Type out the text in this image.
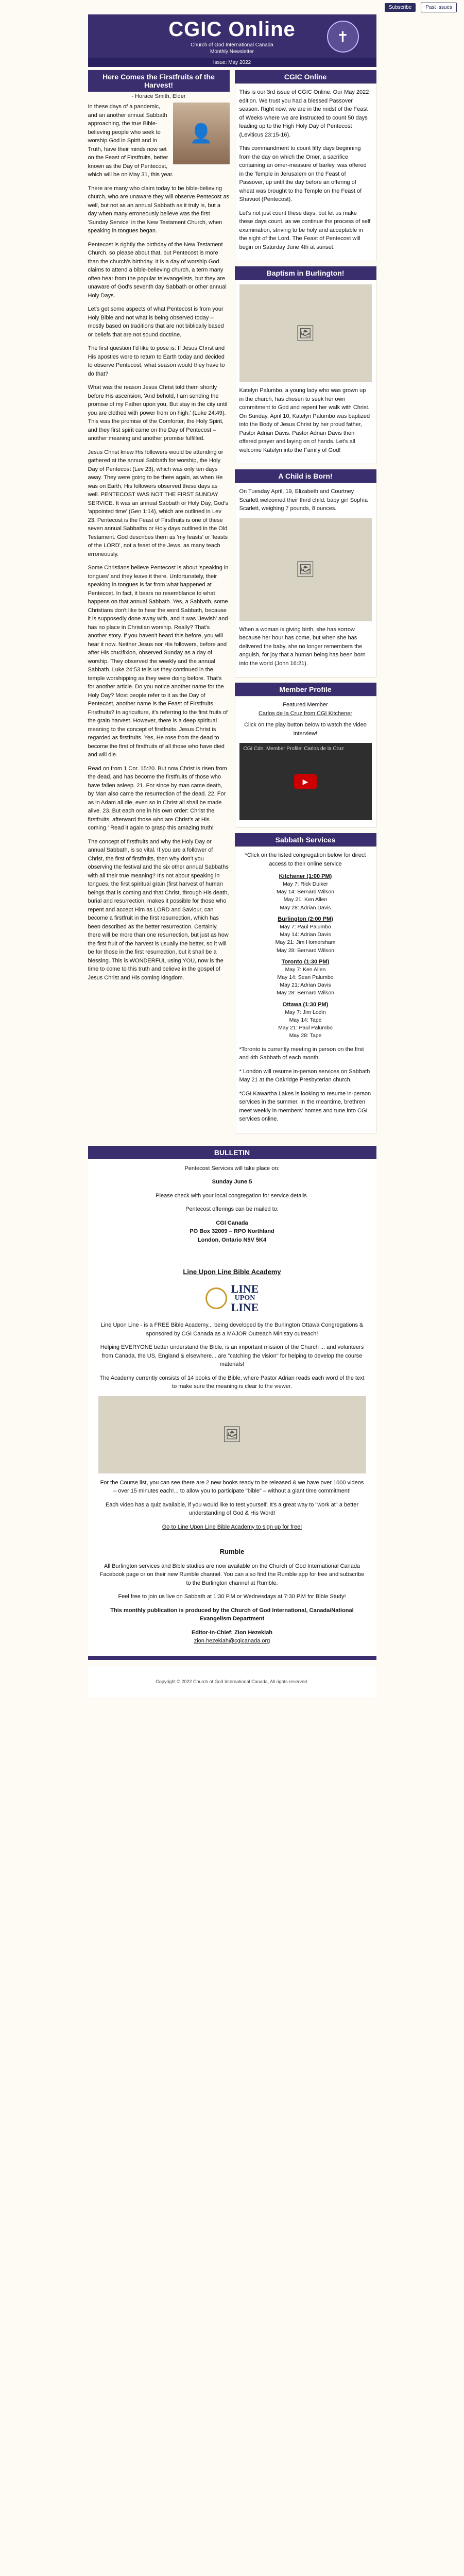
Subscribe	Past Issues
✝
CGIC Online
Church of God International Canada
Monthly Newsletter
Issue: May 2022
Here Comes the Firstfruits of the Harvest!
- Horace Smith, Elder
👤

In these days of a pandemic, and an another annual Sabbath approaching, the true Bible-believing people who seek to worship God in Spirit and in Truth, have their minds now set on the Feast of Firstfruits, better known as the Day of Pentecost, which will be on May 31, this year.

There are many who claim today to be bible-believing church, who are unaware they will observe Pentecost as well, but not as an annual Sabbath as it truly is, but a day when many erroneously believe was the first 'Sunday Service' in the New Testament Church, when speaking in tongues began.

Pentecost is rightly the birthday of the New Testament Church, so please about that, but Pentecost is more than the church's birthday. It is a day of worship God claims to attend a bible-believing church, a term many often hear from the popular televangelists, but they are unaware of God's seventh day Sabbath or other annual Holy Days.

Let's get some aspects of what Pentecost is from your Holy Bible and not what is being observed today – mostly based on traditions that are not biblically based or beliefs that are not sound doctrine.

The first question I'd like to pose is: If Jesus Christ and His apostles were to return to Earth today and decided to observe Pentecost, what season would they have to do that?

What was the reason Jesus Christ told them shortly before His ascension, 'And behold, I am sending the promise of my Father upon you. But stay in the city until you are clothed with power from on high.' (Luke 24:49). This was the promise of the Comforter, the Holy Spirit, and they first spirit came on the Day of Pentecost – another meaning and another promise fulfilled.

Jesus Christ knew His followers would be attending or gathered at the annual Sabbath for worship, the Holy Day of Pentecost (Lev 23), which was only ten days away. They were going to be there again, as when He was on Earth, His followers observed these days as well. PENTECOST WAS NOT THE FIRST SUNDAY SERVICE. It was an annual Sabbath or Holy Day, God's 'appointed time' (Gen 1:14), which are outlined in Lev 23. Pentecost is the Feast of Firstfruits is one of these seven annual Sabbaths or Holy days outlined in the Old Testament. God describes them as 'my feasts' or 'feasts of the LORD', not a feast of the Jews, as many teach erroneously.

Some Christians believe Pentecost is about 'speaking in tongues' and they leave it there. Unfortunately, their speaking in tongues is far from what happened at Pentecost. In fact, it bears no resemblance to what happens on that annual Sabbath. Yes, a Sabbath, some Christians don't like to hear the word Sabbath, because it is supposedly done away with, and it was 'Jewish' and has no place in Christian worship. Really? That's another story. If you haven't heard this before, you will hear it now. Neither Jesus nor His followers, before and after His crucifixion, observed Sunday as a day of worship. They observed the weekly and the annual Sabbath. Luke 24:53 tells us they continued in the temple worshipping as they were doing before. That's for another article. Do you notice another name for the Holy Day? Most people refer to it as the Day of Pentecost, another name is the Feast of Firstfruits. Firstfruits? In agriculture, it's referring to the first fruits of the grain harvest. However, there is a deep spiritual meaning to the concept of firstfruits. Jesus Christ is regarded as firstfruits. Yes, He rose from the dead to become the first of firstfruits of all those who have died and will die.

Read on from 1 Cor. 15:20. But now Christ is risen from the dead, and has become the firstfruits of those who have fallen asleep. 21. For since by man came death, by Man also came the resurrection of the dead. 22. For as in Adam all die, even so in Christ all shall be made alive. 23. But each one in his own order: Christ the firstfruits, afterward those who are Christ's at His coming.' Read it again to grasp this amazing truth!

The concept of firstfruits and why the Holy Day or annual Sabbath, is so vital. If you are a follower of Christ, the first of firstfruits, then why don't you observing the festival and the six other annual Sabbaths with all their true meaning? It's not about speaking in tongues, the first spiritual grain (first harvest of human beings that is coming and that Christ, through His death, burial and resurrection, makes it possible for those who repent and accept Him as LORD and Saviour, can become a firstfruit in the first resurrection, which has been described as the better resurrection. Certainly, there will be more than one resurrection, but just as how the first fruit of the harvest is usually the better, so it will be for those in the first resurrection, but it shall be a blessing. This is WONDERFUL using YOU, now is the time to come to this truth and believe in the gospel of Jesus Christ and His coming kingdom.

CGIC Online

This is our 3rd issue of CGIC Online. Our May 2022 edition. We trust you had a blessed Passover season. Right now, we are in the midst of the Feast of Weeks where we are instructed to count 50 days leading up to the High Holy Day of Pentecost (Leviticus 23:15-16).

This commandment to count fifty days beginning from the day on which the Omer, a sacrifice containing an omer-measure of barley, was offered in the Temple in Jerusalem on the Feast of Passover, up until the day before an offering of wheat was brought to the Temple on the Feast of Shavuot (Pentecost).

Let's not just count these days, but let us make these days count, as we continue the process of self examination, striving to be holy and acceptable in the sight of the Lord. The Feast of Pentecost will begin on Saturday June 4th at sunset.

Baptism in Burlington!
🖼

Katelyn Palumbo, a young lady who was grown up in the church, has chosen to seek her own commitment to God and repent her walk with Christ. On Sunday, April 10, Katelyn Palumbo was baptized into the Body of Jesus Christ by her proud father, Pastor Adrian Davis. Pastor Adrian Davis then offered prayer and laying on of hands. Let's all welcome Katelyn into the Family of God!

A Child is Born!

On Tuesday April, 19, Elizabeth and Courtney Scarlett welcomed their third child: baby girl Sophia Scarlett, weighing 7 pounds, 8 ounces.

🖼

When a woman is giving birth, she has sorrow because her hour has come, but when she has delivered the baby, she no longer remembers the anguish, for joy that a human being has been born into the world (John 16:21).

Member Profile

Featured Member

Carlos de la Cruz from CGI Kitchener

Click on the play button below to watch the video interview!

CGI Cdn. Member Profile: Carlos de la Cruz
▶
Sabbath Services

*Click on the listed congregation below for direct access to their online service

Kitchener (1:00 PM)
May 7: Rick Duiker
May 14: Bernard Wilson
May 21: Ken Allen
May 28: Adrian Davis
Burlington (2:00 PM)
May 7: Paul Palumbo
May 14: Adrian Davis
May 21: Jim Homersham
May 28: Bernard Wilson
Toronto (1:30 PM)
May 7: Ken Allen
May 14: Sean Palumbo
May 21: Adrian Davis
May 28: Bernard Wilson
Ottawa (1:30 PM)
May 7: Jim Lodin
May 14: Tape
May 21: Paul Palumbo
May 28: Tape

*Toronto is currently meeting in person on the first and 4th Sabbath of each month.

* London will resume in-person services on Sabbath May 21 at the Oakridge Presbyterian church.

*CGI Kawartha Lakes is looking to resume in-person services in the summer. In the meantime, brethren meet weekly in members' homes and tune into CGI services online.

BULLETIN

Pentecost Services will take place on:

Sunday June 5

Please check with your local congregation for service details.

Pentecost offerings can be mailed to:

CGI Canada

PO Box 32009 – RPO Northland

London, Ontario N5V 5K4

Line Upon Line Bible Academy
LINE
UPON
LINE

Line Upon Line - is a FREE Bible Academy... being developed by the Burlington Ottawa Congregations & sponsored by CGI Canada as a MAJOR Outreach Ministry outreach!

Helping EVERYONE better understand the Bible, is an important mission of the Church ... and volunteers from Canada, the US, England & elsewhere... are "catching the vision" for helping to develop the course materials!

The Academy currently consists of 14 books of the Bible, where Pastor Adrian reads each word of the text to make sure the meaning is clear to the viewer.

🖼

For the Course list, you can see there are 2 new books ready to be released & we have over 1000 videos – over 15 minutes each!... to allow you to participate "bible" – without a giant time commitment!

Each video has a quiz available, if you would like to test yourself. It's a great way to "work at" a better understanding of God & His Word!

Go to Line Upon Line Bible Academy to sign up for free!

Rumble

All Burlington services and Bible studies are now available on the Church of God International Canada Facebook page or on their new Rumble channel. You can also find the Rumble app for free and subscribe to the Burlington channel at Rumble.

Feel free to join us live on Sabbath at 1:30 P.M or Wednesdays at 7:30 P.M for Bible Study!

This monthly publication is produced by the Church of God International, Canada/National Evangelism Department

Editor-in-Chief: Zion Hezekiah

zion.hezekiah@cgicanada.org

Copyright © 2022 Church of God International Canada, All rights reserved.
